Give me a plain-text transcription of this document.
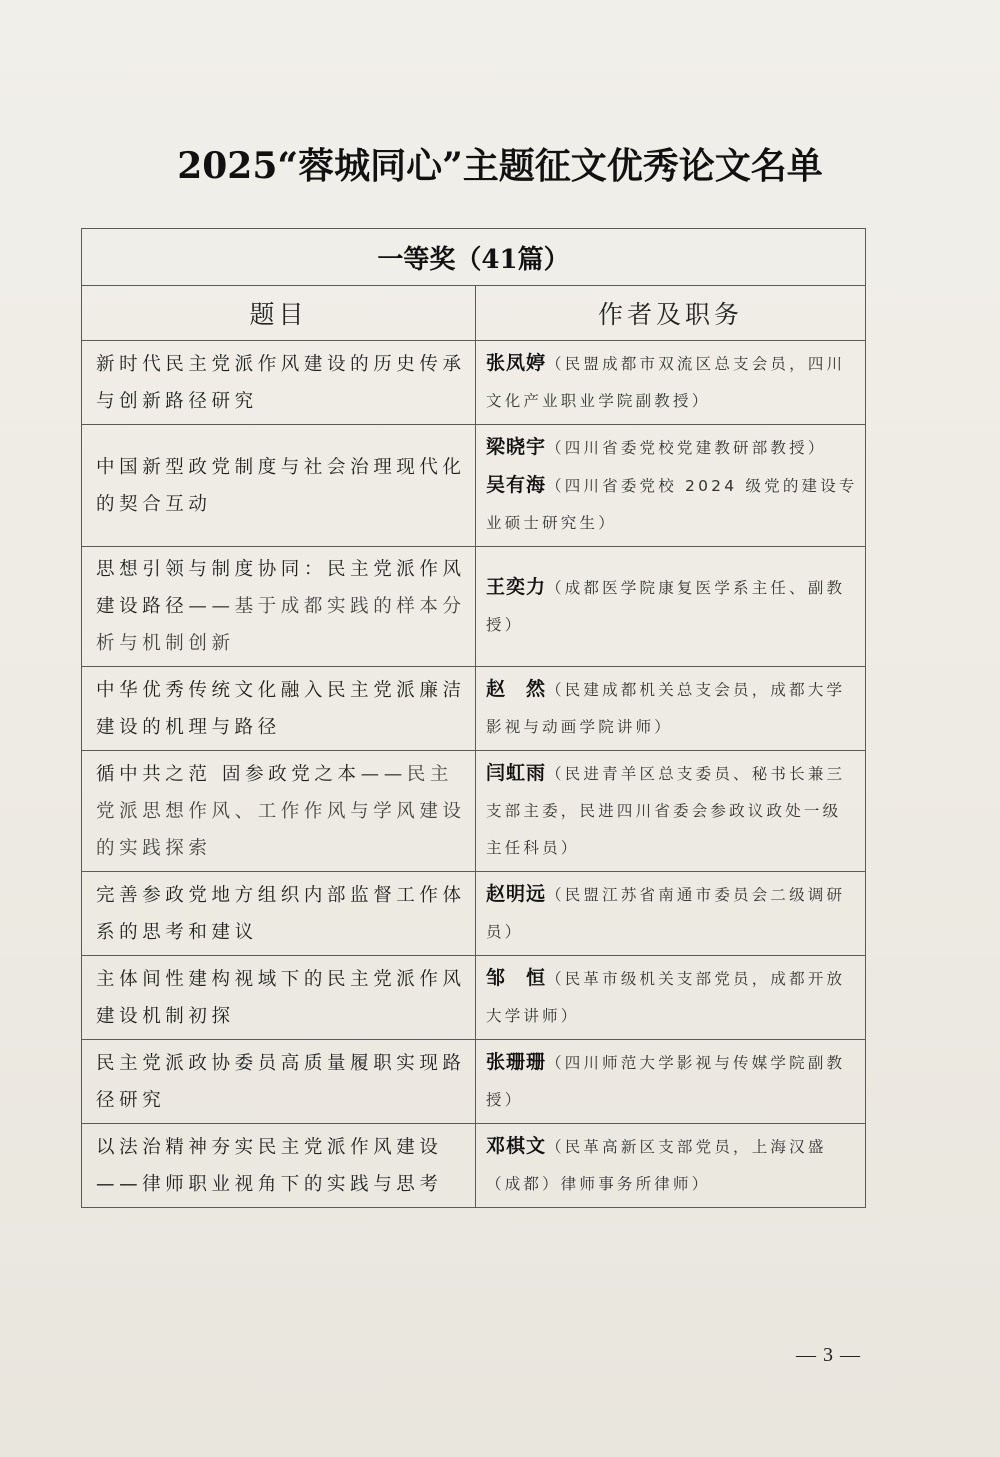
2025“蓉城同心”主题征文优秀论文名单
一等奖（41篇）	
题目	作者及职务
新时代民主党派作风建设的历史传承与创新路径研究	张凤婷（民盟成都市双流区总支会员，四川文化产业职业学院副教授）
中国新型政党制度与社会治理现代化的契合互动	梁晓宇（四川省委党校党建教研部教授）
吴有海（四川省委党校 2024 级党的建设专业硕士研究生）

思想引领与制度协同：民主党派作风建设路径——基于成都实践的样本分析与机制创新	王奕力（成都医学院康复医学系主任、副教授）
中华优秀传统文化融入民主党派廉洁建设的机理与路径	赵　然（民建成都机关总支会员，成都大学影视与动画学院讲师）
循中共之范 固参政党之本——民主党派思想作风、工作作风与学风建设的实践探索	闫虹雨（民进青羊区总支委员、秘书长兼三支部主委，民进四川省委会参政议政处一级主任科员）
完善参政党地方组织内部监督工作体系的思考和建议	赵明远（民盟江苏省南通市委员会二级调研员）
主体间性建构视域下的民主党派作风建设机制初探	邹　恒（民革市级机关支部党员，成都开放大学讲师）
民主党派政协委员高质量履职实现路径研究	张珊珊（四川师范大学影视与传媒学院副教授）
以法治精神夯实民主党派作风建设——律师职业视角下的实践与思考	邓棋文（民革高新区支部党员，上海汉盛（成都）律师事务所律师）
— 3 —
